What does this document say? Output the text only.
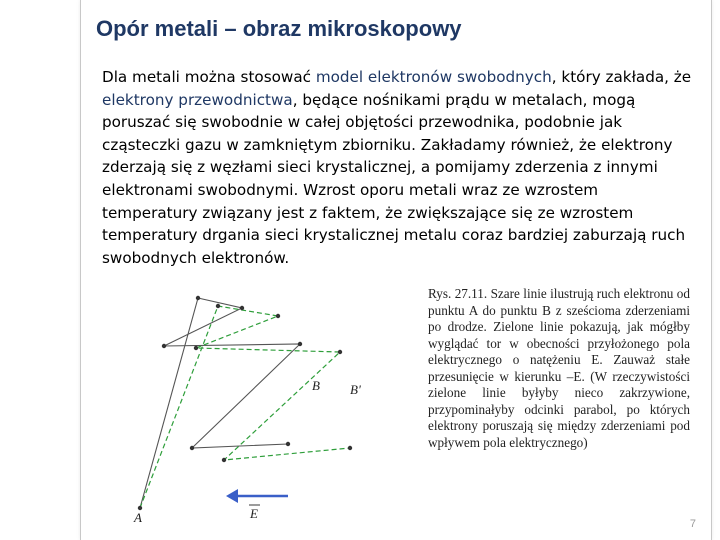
Opór metali – obraz mikroskopowy
Dla metali można stosować model elektronów swobodnych, który zakłada, że elektrony przewodnictwa, będące nośnikami prądu w metalach, mogą poruszać się swobodnie w całej objętości przewodnika, podobnie jak cząsteczki gazu w zamkniętym zbiorniku. Zakładamy również, że elektrony zderzają się z węzłami sieci krystalicznej, a pomijamy zderzenia z innymi elektronami swobodnymi. Wzrost oporu metali wraz ze wzrostem temperatury związany jest z faktem, że zwiększające się ze wzrostem temperatury drgania sieci krystalicznej metalu coraz bardziej zaburzają ruch swobodnych elektronów.
A
B B'
E
Rys. 27.11. Szare linie ilustrują ruch elektronu od punktu A do punktu B z sześcioma zderzeniami po drodze. Zielone linie pokazują, jak mógłby wyglądać tor w obecności przyłożonego pola elektrycznego o natężeniu E. Zauważ stałe przesunięcie w kierunku –E. (W rzeczywistości zielone linie byłyby nieco zakrzywione, przypominałyby odcinki parabol, po których elektrony poruszają się między zderzeniami pod wpływem pola elektrycznego)
7
